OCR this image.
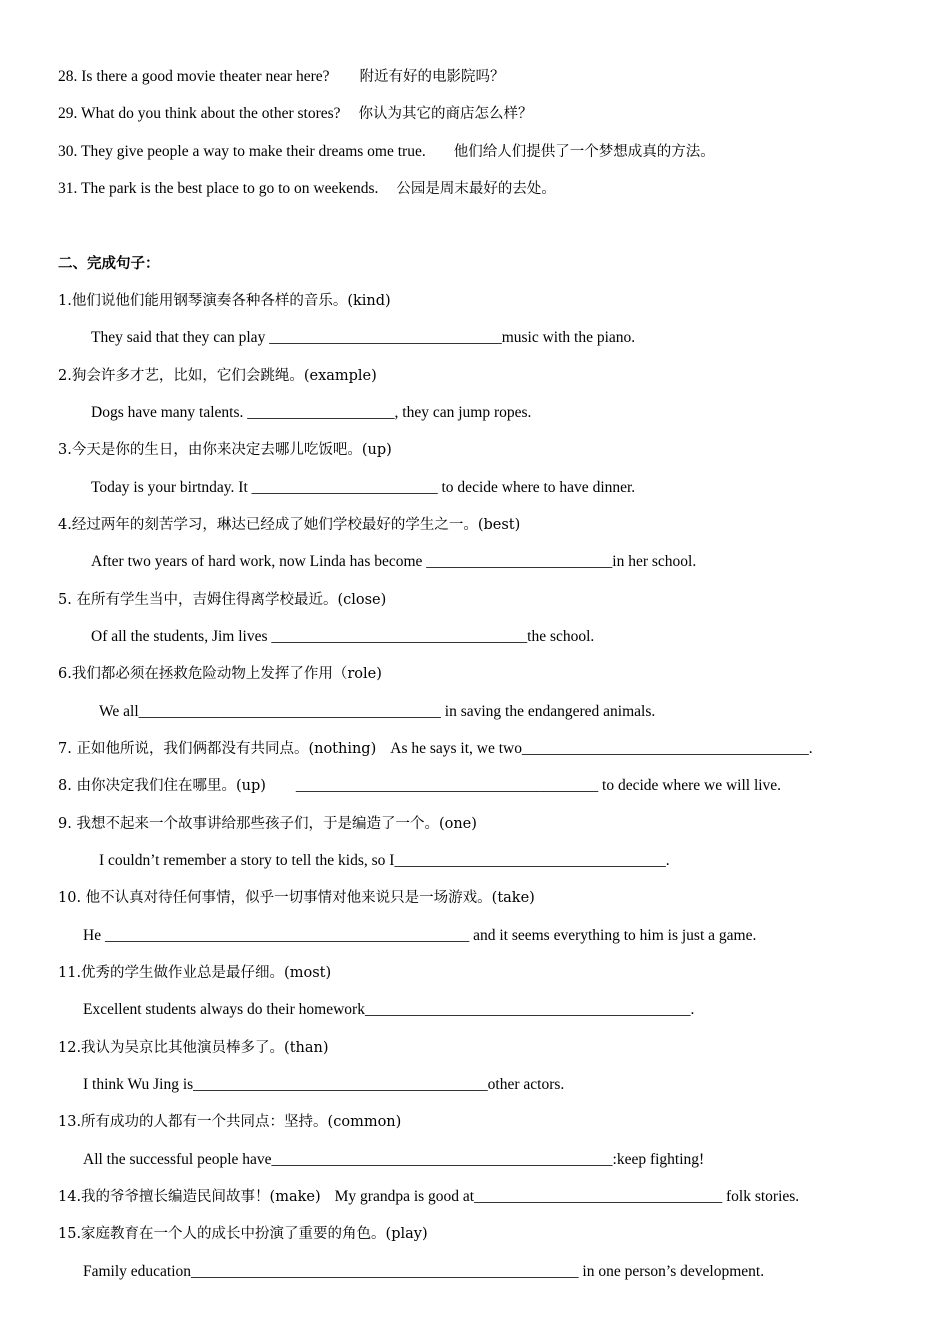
28. Is there a good movie theater near here? 附近有好的电影院吗？
29. What do you think about the other stores? 你认为其它的商店怎么样？
30. They give people a way to make their dreams ome true. 他们给人们提供了一个梦想成真的方法。
31. The park is the best place to go to on weekends. 公园是周末最好的去处。
二、完成句子：
1.他们说他们能用钢琴演奏各种各样的音乐。(kind)
They said that they can play ______________________________music with the piano.
2.狗会许多才艺，比如，它们会跳绳。(example)
Dogs have many talents. ___________________, they can jump ropes.
3.今天是你的生日，由你来决定去哪儿吃饭吧。(up)
Today is your birtnday. It ________________________ to decide where to have dinner.
4.经过两年的刻苦学习，琳达已经成了她们学校最好的学生之一。(best)
After two years of hard work, now Linda has become ________________________in her school.
5. 在所有学生当中，吉姆住得离学校最近。(close)
Of all the students, Jim lives _________________________________the school.
6.我们都必须在拯救危险动物上发挥了作用（role)
We all_______________________________________ in saving the endangered animals.
7. 正如他所说，我们俩都没有共同点。(nothing) As he says it, we two_____________________________________.
8. 由你决定我们住在哪里。(up) _______________________________________ to decide where we will live.
9. 我想不起来一个故事讲给那些孩子们，于是编造了一个。(one)
I couldn’t remember a story to tell the kids, so I___________________________________.
10. 他不认真对待任何事情，似乎一切事情对他来说只是一场游戏。(take)
He _______________________________________________ and it seems everything to him is just a game.
11.优秀的学生做作业总是最仔细。(most)
Excellent students always do their homework__________________________________________.
12.我认为吴京比其他演员棒多了。(than)
I think Wu Jing is______________________________________other actors.
13.所有成功的人都有一个共同点：坚持。(common)
All the successful people have____________________________________________:keep fighting!
14.我的爷爷擅长编造民间故事！(make) My grandpa is good at________________________________ folk stories.
15.家庭教育在一个人的成长中扮演了重要的角色。(play)
Family education__________________________________________________ in one person’s development.
